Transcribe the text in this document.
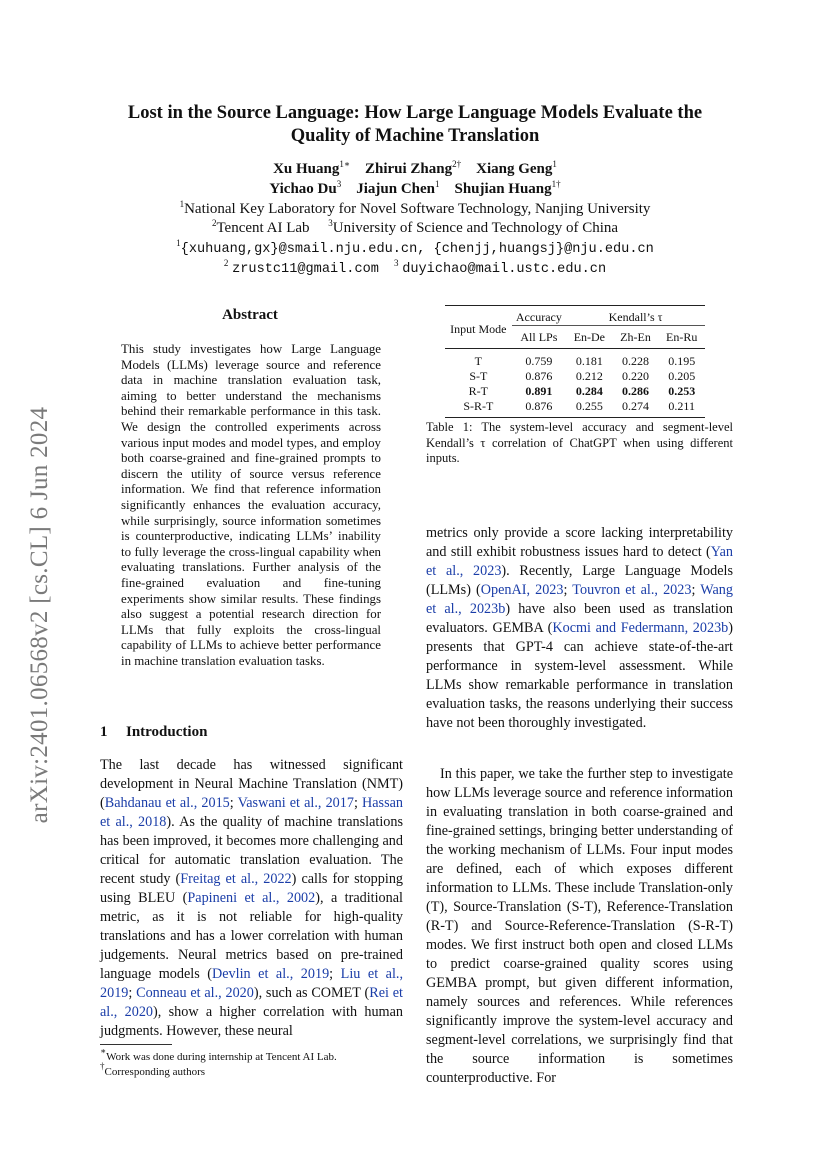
arXiv:2401.06568v2 [cs.CL] 6 Jun 2024
Lost in the Source Language: How Large Language Models Evaluate the
Quality of Machine Translation
Xu Huang$^{1∗}$ Zhirui Zhang$^{2\dagger}$ Xiang Geng$^1$
Yichao Du$^3$ Jiajun Chen$^1$ Shujian Huang$^{1\dagger}$
$^1$National Key Laboratory for Novel Software Technology, Nanjing University
$^2$Tencent AI Lab $^3$University of Science and Technology of China
$^1${xuhuang,gx}@smail.nju.edu.cn, {chenjj,huangsj}@nju.edu.cn
$^2$ zrustc11@gmail.com $^3$ duyichao@mail.ustc.edu.cn
Abstract
This study investigates how Large Language Models (LLMs) leverage source and reference data in machine translation evaluation task, aiming to better understand the mechanisms behind their remarkable performance in this task. We design the controlled experiments across various input modes and model types, and employ both coarse-grained and fine-grained prompts to discern the utility of source versus reference information. We find that reference information significantly enhances the evaluation accuracy, while surprisingly, source information sometimes is counterproductive, indicating LLMs’ inability to fully leverage the cross-lingual capability when evaluating translations. Further analysis of the fine-grained evaluation and fine-tuning experiments show similar results. These findings also suggest a potential research direction for LLMs that fully exploits the cross-lingual capability of LLMs to achieve better performance in machine translation evaluation tasks.
1 Introduction
The last decade has witnessed significant development in Neural Machine Translation (NMT) (Bahdanau et al., 2015; Vaswani et al., 2017; Hassan et al., 2018). As the quality of machine translations has been improved, it becomes more challenging and critical for automatic translation evaluation. The recent study (Freitag et al., 2022) calls for stopping using BLEU (Papineni et al., 2002), a traditional metric, as it is not reliable for high-quality translations and has a lower correlation with human judgements. Neural metrics based on pre-trained language models (Devlin et al., 2019; Liu et al., 2019; Conneau et al., 2020), such as COMET (Rei et al., 2020), show a higher correlation with human judgments. However, these neural
∗Work was done during internship at Tencent AI Lab.
†Corresponding authors
Input Mode	Accuracy	Kendall’s τ		
	All LPs	En-De	Zh-En	En-Ru
T	0.759	0.181	0.228	0.195
S-T	0.876	0.212	0.220	0.205
R-T	0.891	0.284	0.286	0.253
S-R-T	0.876	0.255	0.274	0.211
Table 1: The system-level accuracy and segment-level Kendall’s τ correlation of ChatGPT when using different inputs.
metrics only provide a score lacking interpretability and still exhibit robustness issues hard to detect (Yan et al., 2023). Recently, Large Language Models (LLMs) (OpenAI, 2023; Touvron et al., 2023; Wang et al., 2023b) have also been used as translation evaluators. GEMBA (Kocmi and Federmann, 2023b) presents that GPT-4 can achieve state-of-the-art performance in system-level assessment. While LLMs show remarkable performance in translation evaluation tasks, the reasons underlying their success have not been thoroughly investigated.
In this paper, we take the further step to investigate how LLMs leverage source and reference information in evaluating translation in both coarse-grained and fine-grained settings, bringing better understanding of the working mechanism of LLMs. Four input modes are defined, each of which exposes different information to LLMs. These include Translation-only (T), Source-Translation (S-T), Reference-Translation (R-T) and Source-Reference-Translation (S-R-T) modes. We first instruct both open and closed LLMs to predict coarse-grained quality scores using GEMBA prompt, but given different information, namely sources and references. While references significantly improve the system-level accuracy and segment-level correlations, we surprisingly find that the source information is sometimes counterproductive. For
